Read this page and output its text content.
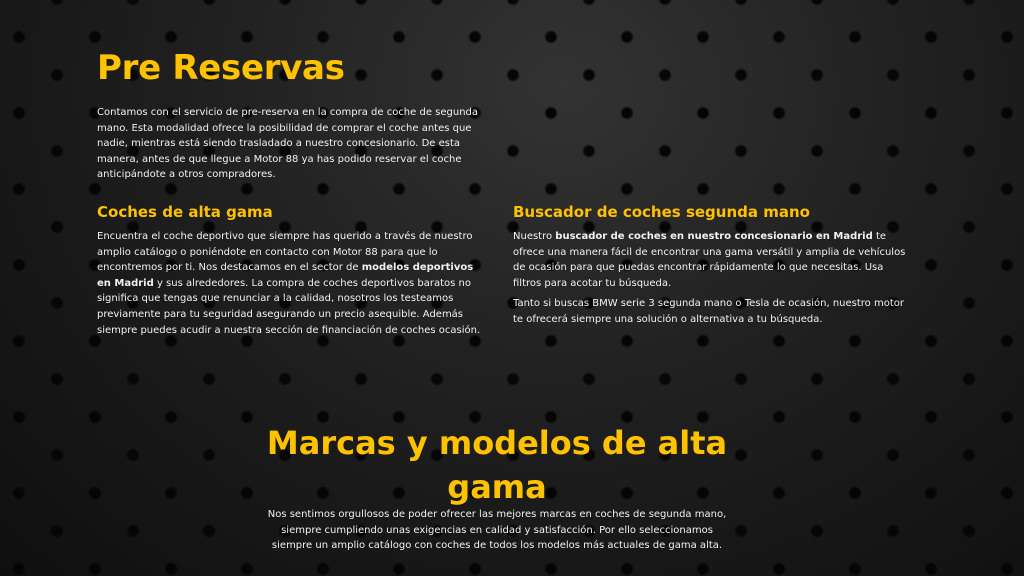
Pre Reservas

Contamos con el servicio de pre-reserva en la compra de coche de segunda mano. Esta modalidad ofrece la posibilidad de comprar el coche antes que nadie, mientras está siendo trasladado a nuestro concesionario. De esta manera, antes de que llegue a Motor 88 ya has podido reservar el coche anticipándote a otros compradores.

Coches de alta gama

Encuentra el coche deportivo que siempre has querido a través de nuestro amplio catálogo o poniéndote en contacto con Motor 88 para que lo encontremos por ti. Nos destacamos en el sector de modelos deportivos en Madrid y sus alrededores. La compra de coches deportivos baratos no significa que tengas que renunciar a la calidad, nosotros los testeamos previamente para tu seguridad asegurando un precio asequible. Además siempre puedes acudir a nuestra sección de financiación de coches ocasión.

Buscador de coches segunda mano

Nuestro buscador de coches en nuestro concesionario en Madrid te ofrece una manera fácil de encontrar una gama versátil y amplia de vehículos de ocasión para que puedas encontrar rápidamente lo que necesitas. Usa filtros para acotar tu búsqueda.

Tanto si buscas BMW serie 3 segunda mano o Tesla de ocasión, nuestro motor te ofrecerá siempre una solución o alternativa a tu búsqueda.

Marcas y modelos de alta gama

Nos sentimos orgullosos de poder ofrecer las mejores marcas en coches de segunda mano, siempre cumpliendo unas exigencias en calidad y satisfacción. Por ello seleccionamos siempre un amplio catálogo con coches de todos los modelos más actuales de gama alta.
